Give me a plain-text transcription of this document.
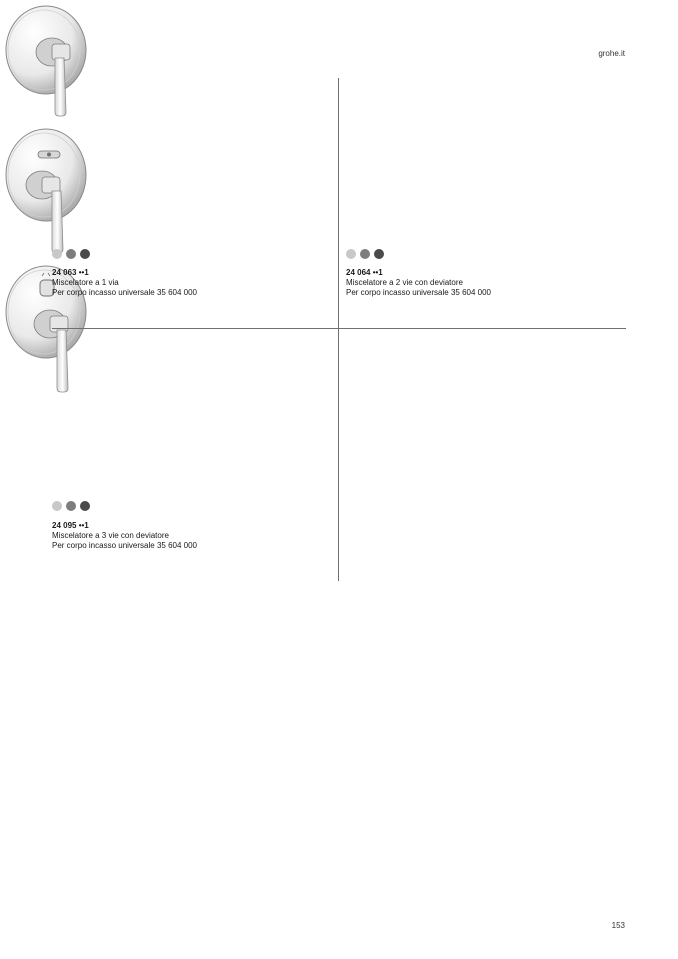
grohe.it
24 063 ••1
Miscelatore a 1 via
Per corpo incasso universale 35 604 000
24 064 ••1
Miscelatore a 2 vie con deviatore
Per corpo incasso universale 35 604 000
24 095 ••1
Miscelatore a 3 vie con deviatore
Per corpo incasso universale 35 604 000
153
